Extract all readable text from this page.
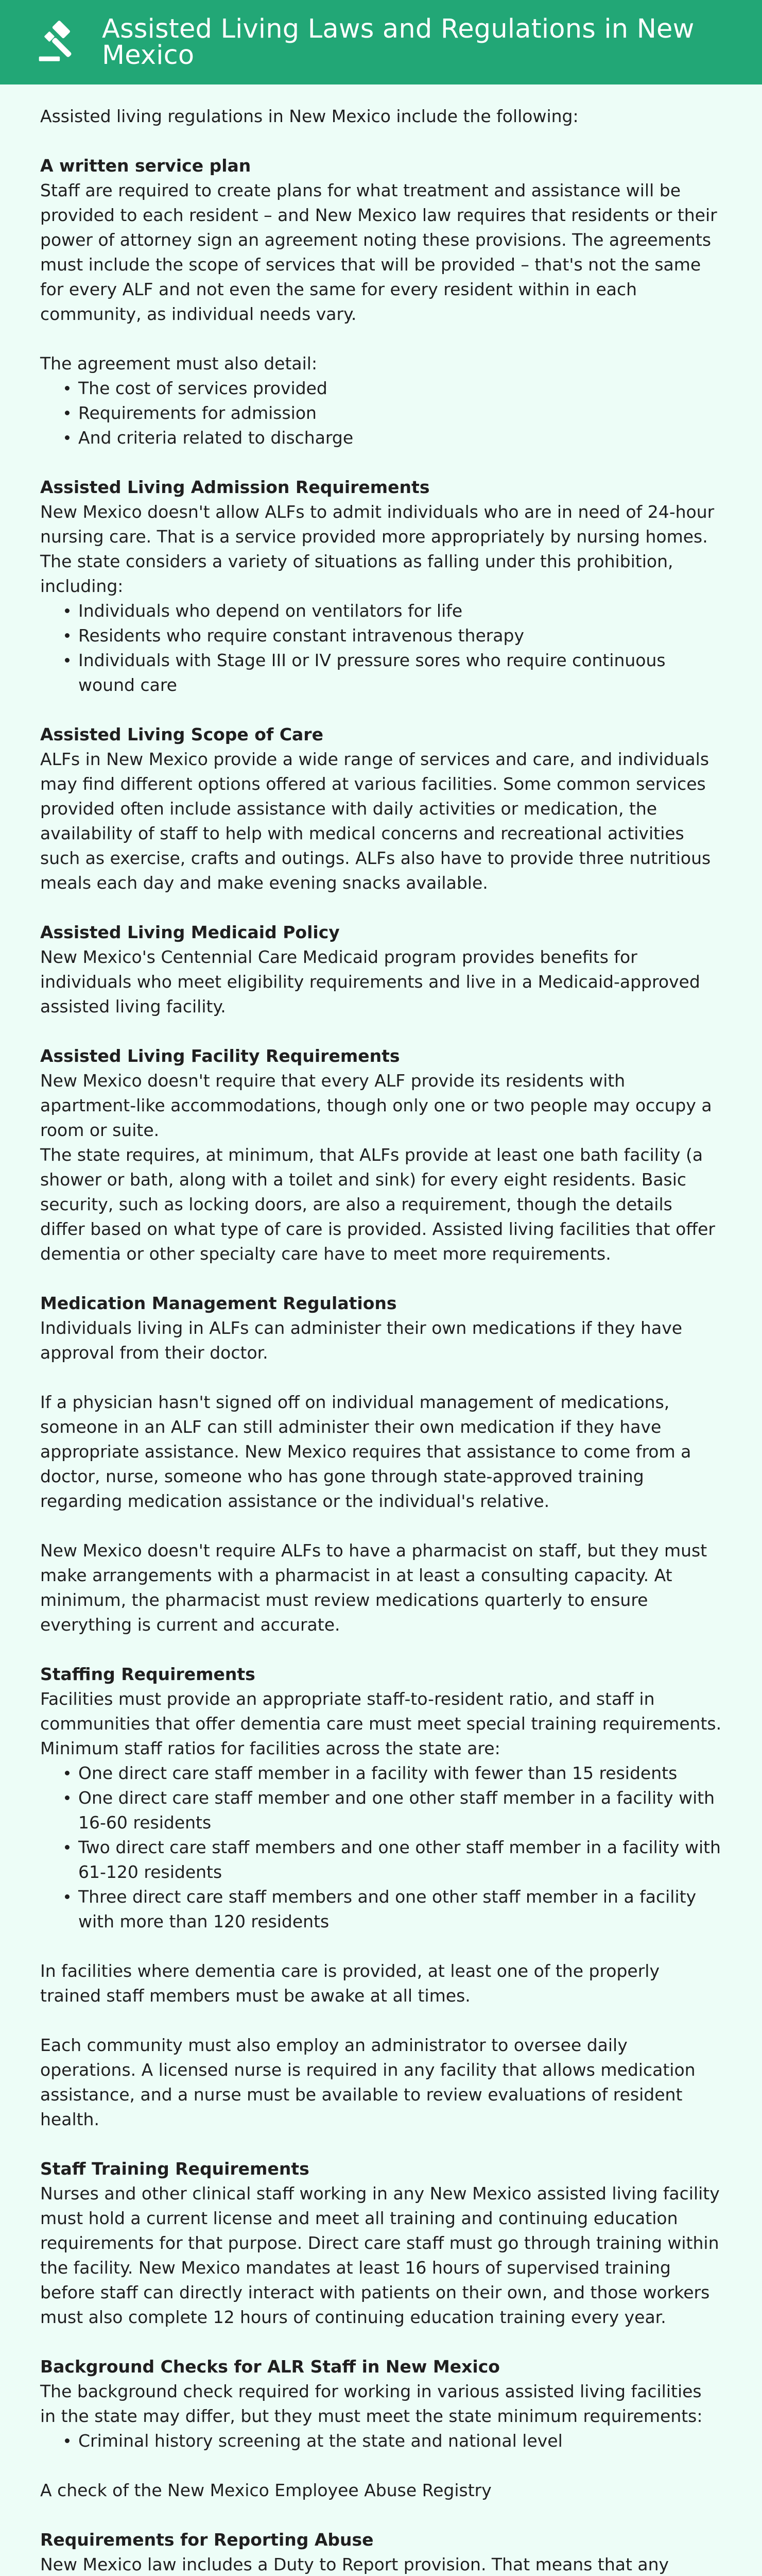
Assisted Living Laws and Regulations in New Mexico

Assisted living regulations in New Mexico include the following:

A written service plan

Staff are required to create plans for what treatment and assistance will be provided to each resident – and New Mexico law requires that residents or their power of attorney sign an agreement noting these provisions. The agreements must include the scope of services that will be provided – that's not the same for every ALF and not even the same for every resident within in each community, as individual needs vary.

The agreement must also detail:

The cost of services provided
Requirements for admission
And criteria related to discharge
Assisted Living Admission Requirements

New Mexico doesn't allow ALFs to admit individuals who are in need of 24-hour nursing care. That is a service provided more appropriately by nursing homes. The state considers a variety of situations as falling under this prohibition, including:

Individuals who depend on ventilators for life
Residents who require constant intravenous therapy
Individuals with Stage III or IV pressure sores who require continuous wound care
Assisted Living Scope of Care

ALFs in New Mexico provide a wide range of services and care, and individuals may find different options offered at various facilities. Some common services provided often include assistance with daily activities or medication, the availability of staff to help with medical concerns and recreational activities such as exercise, crafts and outings. ALFs also have to provide three nutritious meals each day and make evening snacks available.

Assisted Living Medicaid Policy

New Mexico's Centennial Care Medicaid program provides benefits for individuals who meet eligibility requirements and live in a Medicaid-approved assisted living facility.

Assisted Living Facility Requirements

New Mexico doesn't require that every ALF provide its residents with apartment-like accommodations, though only one or two people may occupy a room or suite.

The state requires, at minimum, that ALFs provide at least one bath facility (a shower or bath, along with a toilet and sink) for every eight residents. Basic security, such as locking doors, are also a requirement, though the details differ based on what type of care is provided. Assisted living facilities that offer dementia or other specialty care have to meet more requirements.

Medication Management Regulations

Individuals living in ALFs can administer their own medications if they have approval from their doctor.

If a physician hasn't signed off on individual management of medications, someone in an ALF can still administer their own medication if they have appropriate assistance. New Mexico requires that assistance to come from a doctor, nurse, someone who has gone through state-approved training regarding medication assistance or the individual's relative.

New Mexico doesn't require ALFs to have a pharmacist on staff, but they must make arrangements with a pharmacist in at least a consulting capacity. At minimum, the pharmacist must review medications quarterly to ensure everything is current and accurate.

Staffing Requirements

Facilities must provide an appropriate staff-to-resident ratio, and staff in communities that offer dementia care must meet special training requirements. Minimum staff ratios for facilities across the state are:

One direct care staff member in a facility with fewer than 15 residents
One direct care staff member and one other staff member in a facility with 16-60 residents
Two direct care staff members and one other staff member in a facility with 61-120 residents
Three direct care staff members and one other staff member in a facility with more than 120 residents

In facilities where dementia care is provided, at least one of the properly trained staff members must be awake at all times.

Each community must also employ an administrator to oversee daily operations. A licensed nurse is required in any facility that allows medication assistance, and a nurse must be available to review evaluations of resident health.

Staff Training Requirements

Nurses and other clinical staff working in any New Mexico assisted living facility must hold a current license and meet all training and continuing education requirements for that purpose. Direct care staff must go through training within the facility. New Mexico mandates at least 16 hours of supervised training before staff can directly interact with patients on their own, and those workers must also complete 12 hours of continuing education training every year.

Background Checks for ALR Staff in New Mexico

The background check required for working in various assisted living facilities in the state may differ, but they must meet the state minimum requirements:

Criminal history screening at the state and national level

A check of the New Mexico Employee Abuse Registry

Requirements for Reporting Abuse

New Mexico law includes a Duty to Report provision. That means that any
